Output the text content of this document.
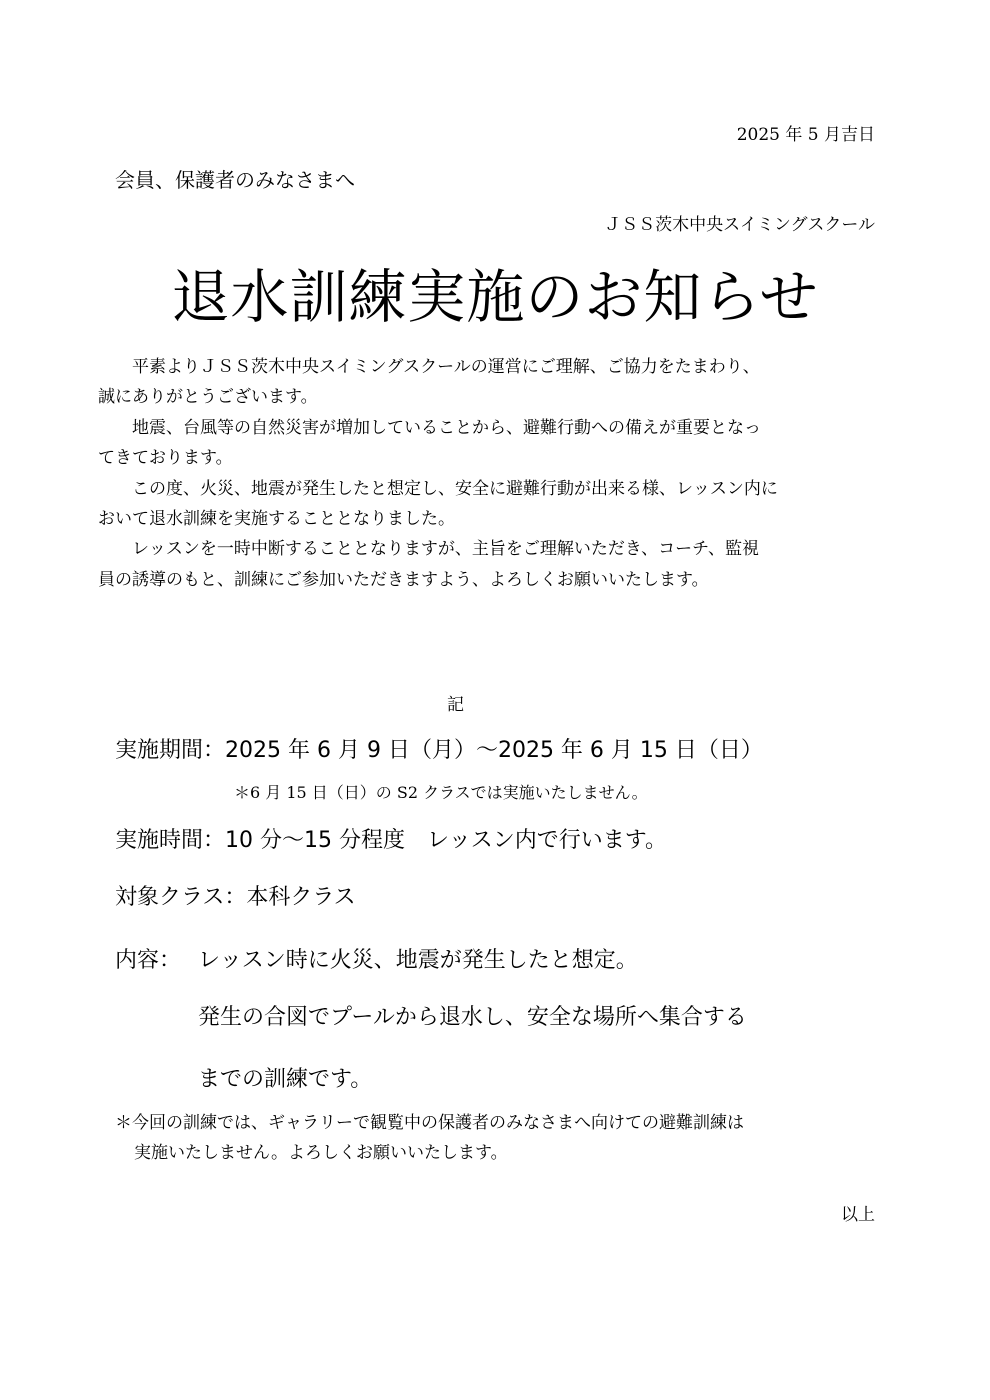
2025 年 5 月吉日

会員、保護者のみなさまへ

ＪＳＳ茨木中央スイミングスクール

退水訓練実施のお知らせ

平素よりＪＳＳ茨木中央スイミングスクールの運営にご理解、ご協力をたまわり、
誠にありがとうございます。

地震、台風等の自然災害が増加していることから、避難行動への備えが重要となっ
てきております。

この度、火災、地震が発生したと想定し、安全に避難行動が出来る様、レッスン内に
おいて退水訓練を実施することとなりました。

レッスンを一時中断することとなりますが、主旨をご理解いただき、コーチ、監視
員の誘導のもと、訓練にご参加いただきますよう、よろしくお願いいたします。

記

実施期間：2025 年 6 月 9 日（月）～2025 年 6 月 15 日（日）

＊6 月 15 日（日）の S2 クラスでは実施いたしません。

実施時間：10 分～15 分程度　レッスン内で行います。

対象クラス：本科クラス

内容： レッスン時に火災、地震が発生したと想定。

発生の合図でプールから退水し、安全な場所へ集合する

までの訓練です。

＊今回の訓練では、ギャラリーで観覧中の保護者のみなさまへ向けての避難訓練は
実施いたしません。よろしくお願いいたします。

以上
